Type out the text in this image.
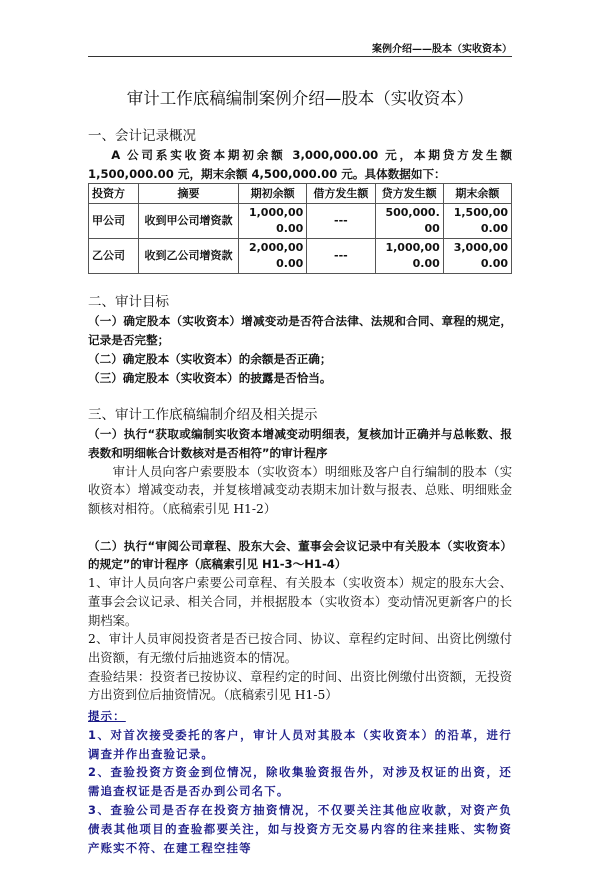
案例介绍——股本（实收资本）
审计工作底稿编制案例介绍—股本（实收资本）
一、会计记录概况
A 公司系实收资本期初余额 3,000,000.00 元，本期贷方发生额 1,500,000.00 元，期末余额 4,500,000.00 元。具体数据如下：
投资方	摘要	期初余额	借方发生额	贷方发生额	期末余额
甲公司	收到甲公司增资款	1,000,000.00	---	500,000.00	1,500,000.00
乙公司	收到乙公司增资款	2,000,000.00	---	1,000,000.00	3,000,000.00
二、审计目标
（一）确定股本（实收资本）增减变动是否符合法律、法规和合同、章程的规定，记录是否完整；
（二）确定股本（实收资本）的余额是否正确；
（三）确定股本（实收资本）的披露是否恰当。
三、审计工作底稿编制介绍及相关提示
（一）执行“获取或编制实收资本增减变动明细表，复核加计正确并与总帐数、报表数和明细帐合计数核对是否相符”的审计程序
审计人员向客户索要股本（实收资本）明细账及客户自行编制的股本（实收资本）增减变动表，并复核增减变动表期末加计数与报表、总账、明细账金额核对相符。（底稿索引见 H1-2）
（二）执行“审阅公司章程、股东大会、董事会会议记录中有关股本（实收资本）的规定”的审计程序（底稿索引见 H1-3～H1-4）
1、审计人员向客户索要公司章程、有关股本（实收资本）规定的股东大会、董事会会议记录、相关合同，并根据股本（实收资本）变动情况更新客户的长期档案。
2、审计人员审阅投资者是否已按合同、协议、章程约定时间、出资比例缴付出资额，有无缴付后抽逃资本的情况。
查验结果：投资者已按协议、章程约定的时间、出资比例缴付出资额，无投资方出资到位后抽资情况。（底稿索引见 H1-5）
提示：
1、对首次接受委托的客户，审计人员对其股本（实收资本）的沿革，进行调查并作出查验记录。
2、查验投资方资金到位情况，除收集验资报告外，对涉及权证的出资，还需追查权证是否是否办到公司名下。
3、查验公司是否存在投资方抽资情况，不仅要关注其他应收款，对资产负债表其他项目的查验都要关注，如与投资方无交易内容的往来挂账、实物资产账实不符、在建工程空挂等
